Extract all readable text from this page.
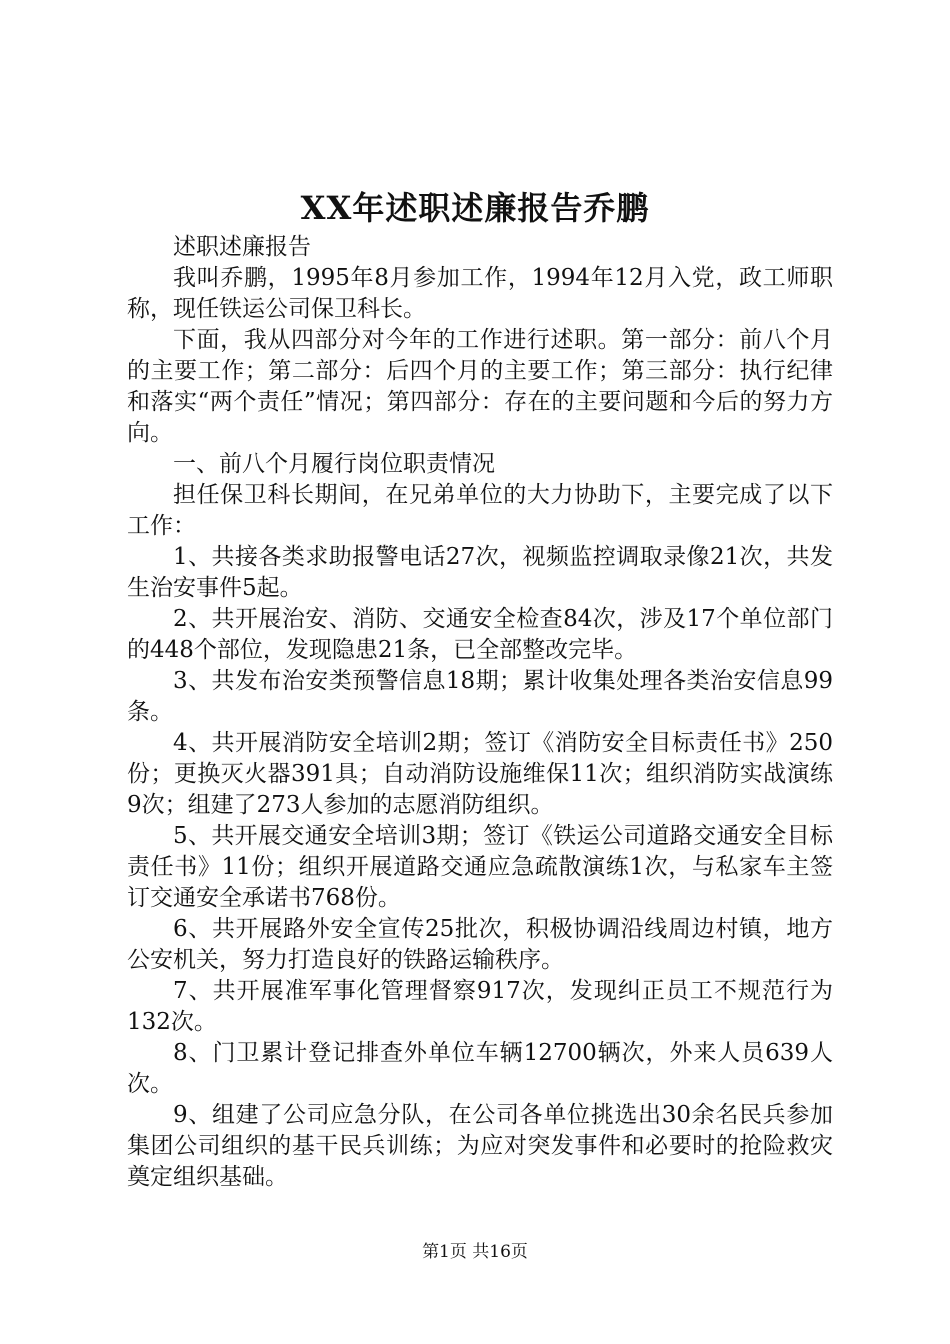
XX年述职述廉报告乔鹏

述职述廉报告

我叫乔鹏，1995年8月参加工作，1994年12月入党，政工师职称，现任铁运公司保卫科长。

下面，我从四部分对今年的工作进行述职。第一部分：前八个月的主要工作；第二部分：后四个月的主要工作；第三部分：执行纪律和落实“两个责任”情况；第四部分：存在的主要问题和今后的努力方向。

一、前八个月履行岗位职责情况

担任保卫科长期间，在兄弟单位的大力协助下，主要完成了以下工作：

1、共接各类求助报警电话27次，视频监控调取录像21次，共发生治安事件5起。

2、共开展治安、消防、交通安全检查84次，涉及17个单位部门的448个部位，发现隐患21条，已全部整改完毕。

3、共发布治安类预警信息18期；累计收集处理各类治安信息99条。

4、共开展消防安全培训2期；签订《消防安全目标责任书》250份；更换灭火器391具；自动消防设施维保11次；组织消防实战演练9次；组建了273人参加的志愿消防组织。

5、共开展交通安全培训3期；签订《铁运公司道路交通安全目标责任书》11份；组织开展道路交通应急疏散演练1次，与私家车主签订交通安全承诺书768份。

6、共开展路外安全宣传25批次，积极协调沿线周边村镇，地方公安机关，努力打造良好的铁路运输秩序。

7、共开展准军事化管理督察917次，发现纠正员工不规范行为132次。

8、门卫累计登记排查外单位车辆12700辆次，外来人员639人次。

9、组建了公司应急分队，在公司各单位挑选出30余名民兵参加集团公司组织的基干民兵训练；为应对突发事件和必要时的抢险救灾奠定组织基础。

第1页 共16页
